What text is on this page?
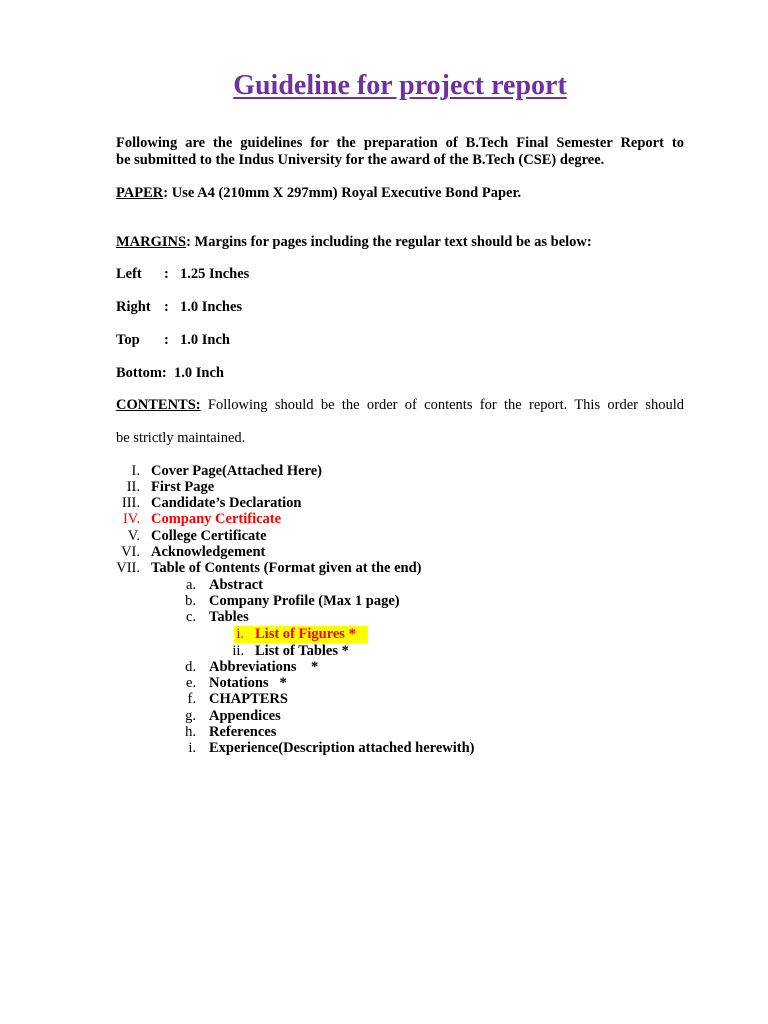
Guideline for project report
Following are the guidelines for the preparation of B.Tech Final Semester Report to
be submitted to the Indus University for the award of the B.Tech (CSE) degree.
PAPER: Use A4 (210mm X 297mm) Royal Executive Bond Paper.
MARGINS: Margins for pages including the regular text should be as below:
Left : 1.25 Inches
Right : 1.0 Inches
Top : 1.0 Inch
Bottom: 1.0 Inch
CONTENTS: Following should be the order of contents for the report. This order should
be strictly maintained.
I. Cover Page(Attached Here)
II. First Page
III. Candidate’s Declaration
IV. Company Certificate
V. College Certificate
VI. Acknowledgement
VII. Table of Contents (Format given at the end)
a. Abstract
b. Company Profile (Max 1 page)
c. Tables
i. List of Figures *
ii. List of Tables *
d. Abbreviations    *
e. Notations   *
f. CHAPTERS
g. Appendices
h. References
i. Experience(Description attached herewith)
